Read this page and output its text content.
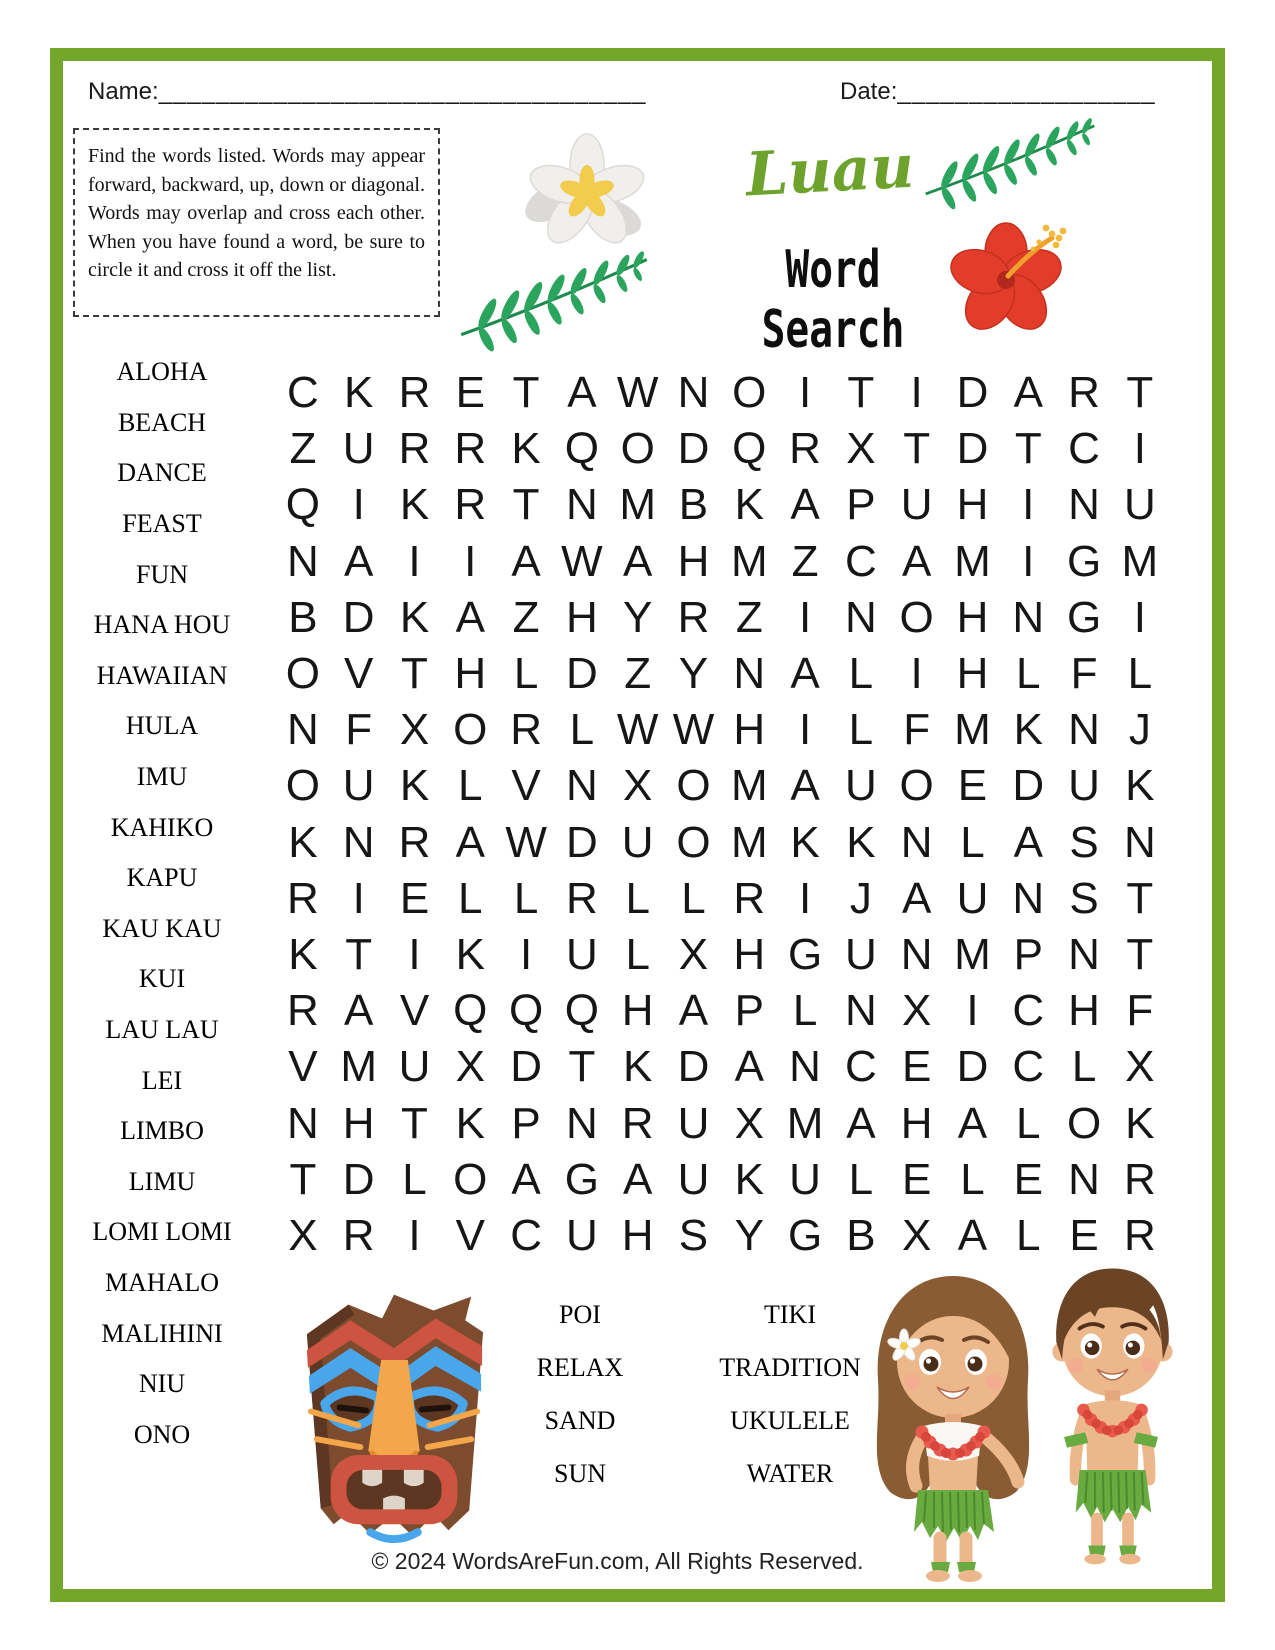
Name:__________________________________	Date:__________________
Find the words listed. Words may appear forward, backward, up, down or diagonal. Words may overlap and cross each other. When you have found a word, be sure to circle it and cross it off the list.
Luau
Word Search
ALOHA
BEACH
DANCE
FEAST
FUN
HANA HOU
HAWAIIAN
HULA
IMU
KAHIKO
KAPU
KAU KAU
KUI
LAU LAU
LEI
LIMBO
LIMU
LOMI LOMI
MAHALO
MALIHINI
NIU
ONO
C K R E T A W N O I T I D A R T
Z U R R K Q O D Q R X T D T C I
Q I K R T N M B K A P U H I N U
N A I I A W A H M Z C A M I G M
B D K A Z H Y R Z I N O H N G I
O V T H L D Z Y N A L I H L F L
N F X O R L W W H I L F M K N J
O U K L V N X O M A U O E D U K
K N R A W D U O M K K N L A S N
R I E L L R L L R I J A U N S T
K T I K I U L X H G U N M P N T
R A V Q Q Q H A P L N X I C H F
V M U X D T K D A N C E D C L X
N H T K P N R U X M A H A L O K
T D L O A G A U K U L E L E N R
X R I V C U H S Y G B X A L E R
POI
RELAX
SAND
SUN
TIKI
TRADITION
UKULELE
WATER
© 2024 WordsAreFun.com, All Rights Reserved.
